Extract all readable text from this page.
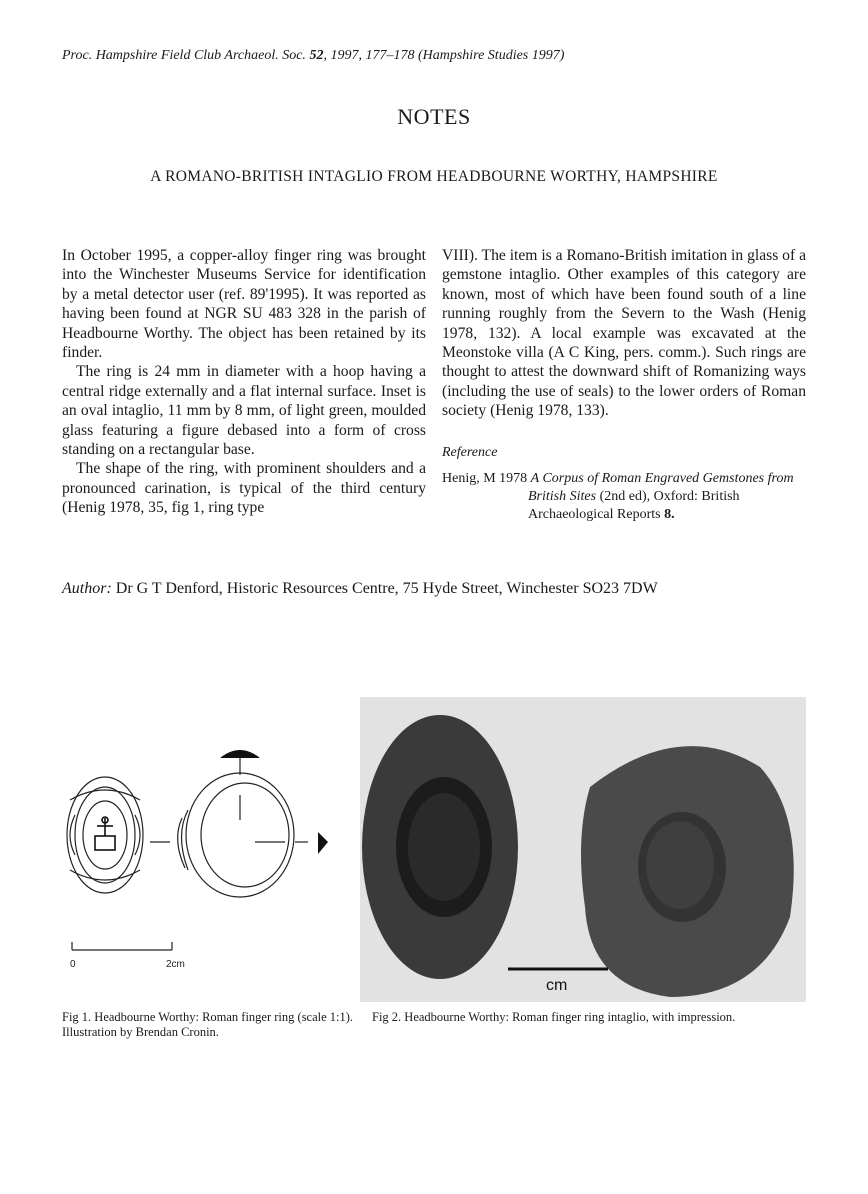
Proc. Hampshire Field Club Archaeol. Soc. 52, 1997, 177–178 (Hampshire Studies 1997)
NOTES
A ROMANO-BRITISH INTAGLIO FROM HEADBOURNE WORTHY, HAMPSHIRE

In October 1995, a copper-alloy finger ring was brought into the Winchester Museums Service for identification by a metal detector user (ref. 89'1995). It was reported as having been found at NGR SU 483 328 in the parish of Headbourne Worthy. The object has been retained by its finder.

The ring is 24 mm in diameter with a hoop having a central ridge externally and a flat internal surface. Inset is an oval intaglio, 11 mm by 8 mm, of light green, moulded glass featuring a figure debased into a form of cross standing on a rectangular base.

The shape of the ring, with prominent shoulders and a pronounced carination, is typical of the third century (Henig 1978, 35, fig 1, ring type

VIII). The item is a Romano-British imitation in glass of a gemstone intaglio. Other examples of this category are known, most of which have been found south of a line running roughly from the Severn to the Wash (Henig 1978, 132). A local example was excavated at the Meonstoke villa (A C King, pers. comm.). Such rings are thought to attest the downward shift of Romanizing ways (including the use of seals) to the lower orders of Roman society (Henig 1978, 133).

Reference
Henig, M 1978 A Corpus of Roman Engraved Gemstones from British Sites (2nd ed), Oxford: British Archaeological Reports 8.
Author: Dr G T Denford, Historic Resources Centre, 75 Hyde Street, Winchester SO23 7DW
0	2cm
cm
Fig 1. Headbourne Worthy: Roman finger ring (scale 1:1). Illustration by Brendan Cronin.
Fig 2. Headbourne Worthy: Roman finger ring intaglio, with impression.
